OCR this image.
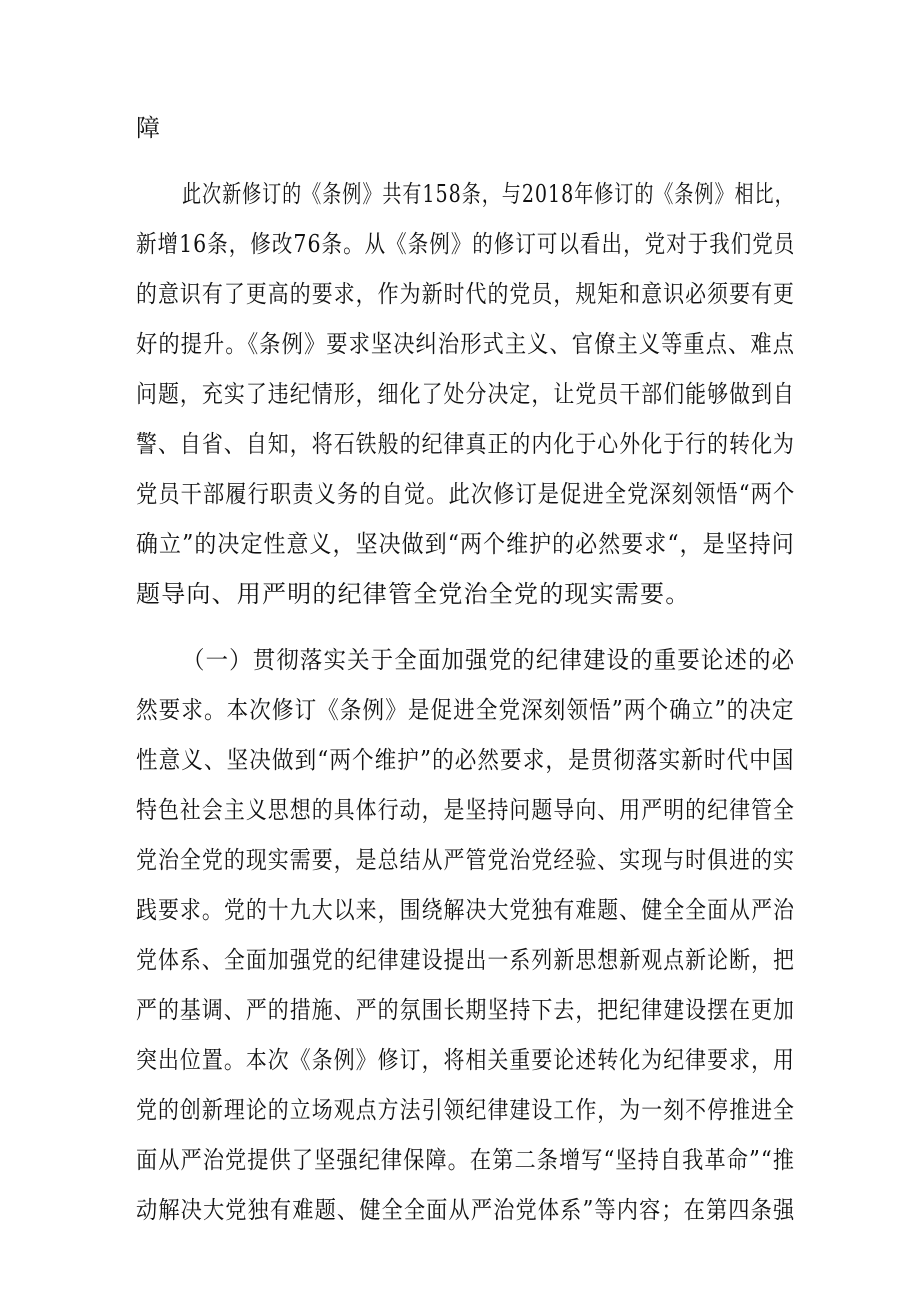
障
此次新修订的《条例》共有158条，与2018年修订的《条例》相比，
新增16条，修改76条。从《条例》的修订可以看出，党对于我们党员
的意识有了更高的要求，作为新时代的党员，规矩和意识必须要有更
好的提升。《条例》要求坚决纠治形式主义、官僚主义等重点、难点
问题，充实了违纪情形，细化了处分决定，让党员干部们能够做到自
警、自省、自知，将石铁般的纪律真正的内化于心外化于行的转化为
党员干部履行职责义务的自觉。此次修订是促进全党深刻领悟“两个
确立”的决定性意义，坚决做到“两个维护的必然要求“，是坚持问
题导向、用严明的纪律管全党治全党的现实需要。
（一）贯彻落实关于全面加强党的纪律建设的重要论述的必
然要求。本次修订《条例》是促进全党深刻领悟”两个确立”的决定
性意义、坚决做到“两个维护”的必然要求，是贯彻落实新时代中国
特色社会主义思想的具体行动，是坚持问题导向、用严明的纪律管全
党治全党的现实需要，是总结从严管党治党经验、实现与时俱进的实
践要求。党的十九大以来，围绕解决大党独有难题、健全全面从严治
党体系、全面加强党的纪律建设提出一系列新思想新观点新论断，把
严的基调、严的措施、严的氛围长期坚持下去，把纪律建设摆在更加
突出位置。本次《条例》修订，将相关重要论述转化为纪律要求，用
党的创新理论的立场观点方法引领纪律建设工作，为一刻不停推进全
面从严治党提供了坚强纪律保障。在第二条增写“坚持自我革命”“推
动解决大党独有难题、健全全面从严治党体系”等内容；在第四条强
